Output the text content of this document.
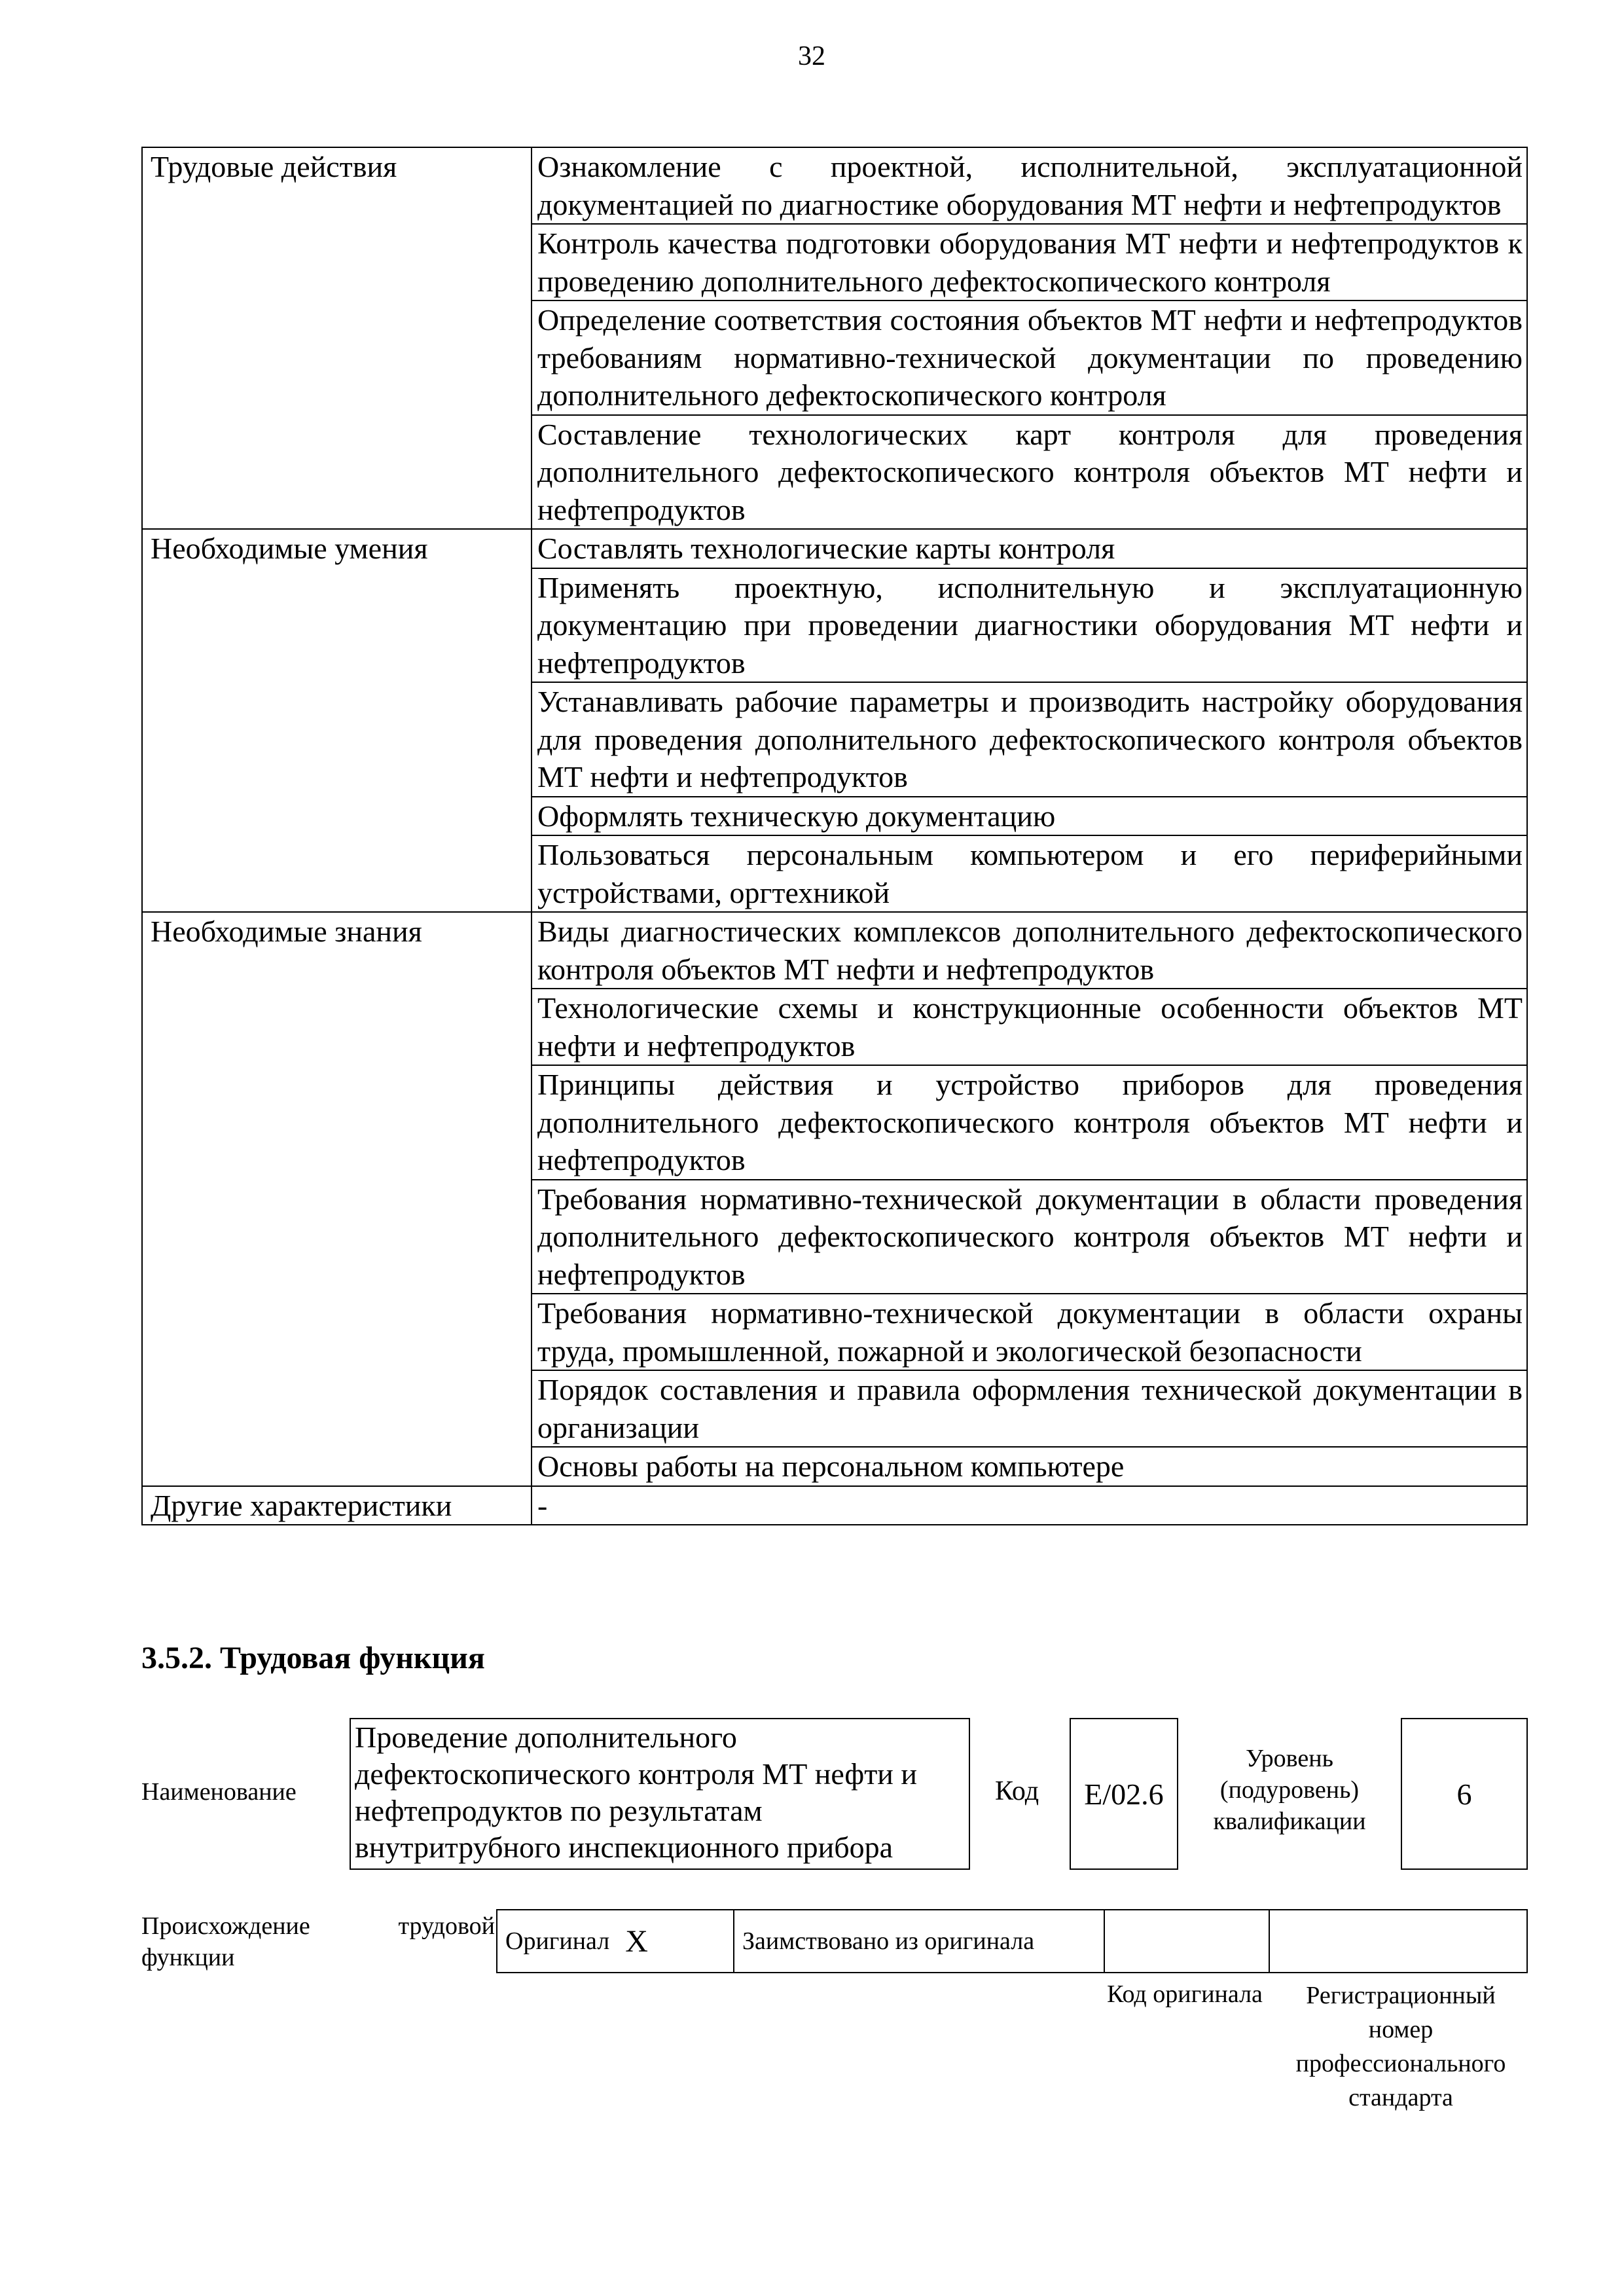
32
Трудовые действия	Ознакомление с проектной, исполнительной, эксплуатационной документацией по диагностике оборудования МТ нефти и нефтепродуктов
Контроль качества подготовки оборудования МТ нефти и нефтепродуктов к проведению дополнительного дефектоскопического контроля
Определение соответствия состояния объектов МТ нефти и нефтепродуктов требованиям нормативно-технической документации по проведению дополнительного дефектоскопического контроля
Составление технологических карт контроля для проведения дополнительного дефектоскопического контроля объектов МТ нефти и нефтепродуктов
Необходимые умения	Составлять технологические карты контроля
Применять проектную, исполнительную и эксплуатационную документацию при проведении диагностики оборудования МТ нефти и нефтепродуктов
Устанавливать рабочие параметры и производить настройку оборудования для проведения дополнительного дефектоскопического контроля объектов МТ нефти и нефтепродуктов
Оформлять техническую документацию
Пользоваться персональным компьютером и его периферийными устройствами, оргтехникой
Необходимые знания	Виды диагностических комплексов дополнительного дефектоскопического контроля объектов МТ нефти и нефтепродуктов
Технологические схемы и конструкционные особенности объектов МТ нефти и нефтепродуктов
Принципы действия и устройство приборов для проведения дополнительного дефектоскопического контроля объектов МТ нефти и нефтепродуктов
Требования нормативно-технической документации в области проведения дополнительного дефектоскопического контроля объектов МТ нефти и нефтепродуктов
Требования нормативно-технической документации в области охраны труда, промышленной, пожарной и экологической безопасности
Порядок составления и правила оформления технической документации в организации
Основы работы на персональном компьютере
Другие характеристики	-
3.5.2. Трудовая функция
Наименование
Проведение дополнительного дефектоскопического контроля МТ нефти и нефтепродуктов по результатам внутритрубного инспекционного прибора
Код	E/02.6
Уровень (подуровень) квалификации
6
Происхождение трудовой функции
Оригинал X	Заимствовано из оригинала
Код оригинала	Регистрационный номер профессионального стандарта
